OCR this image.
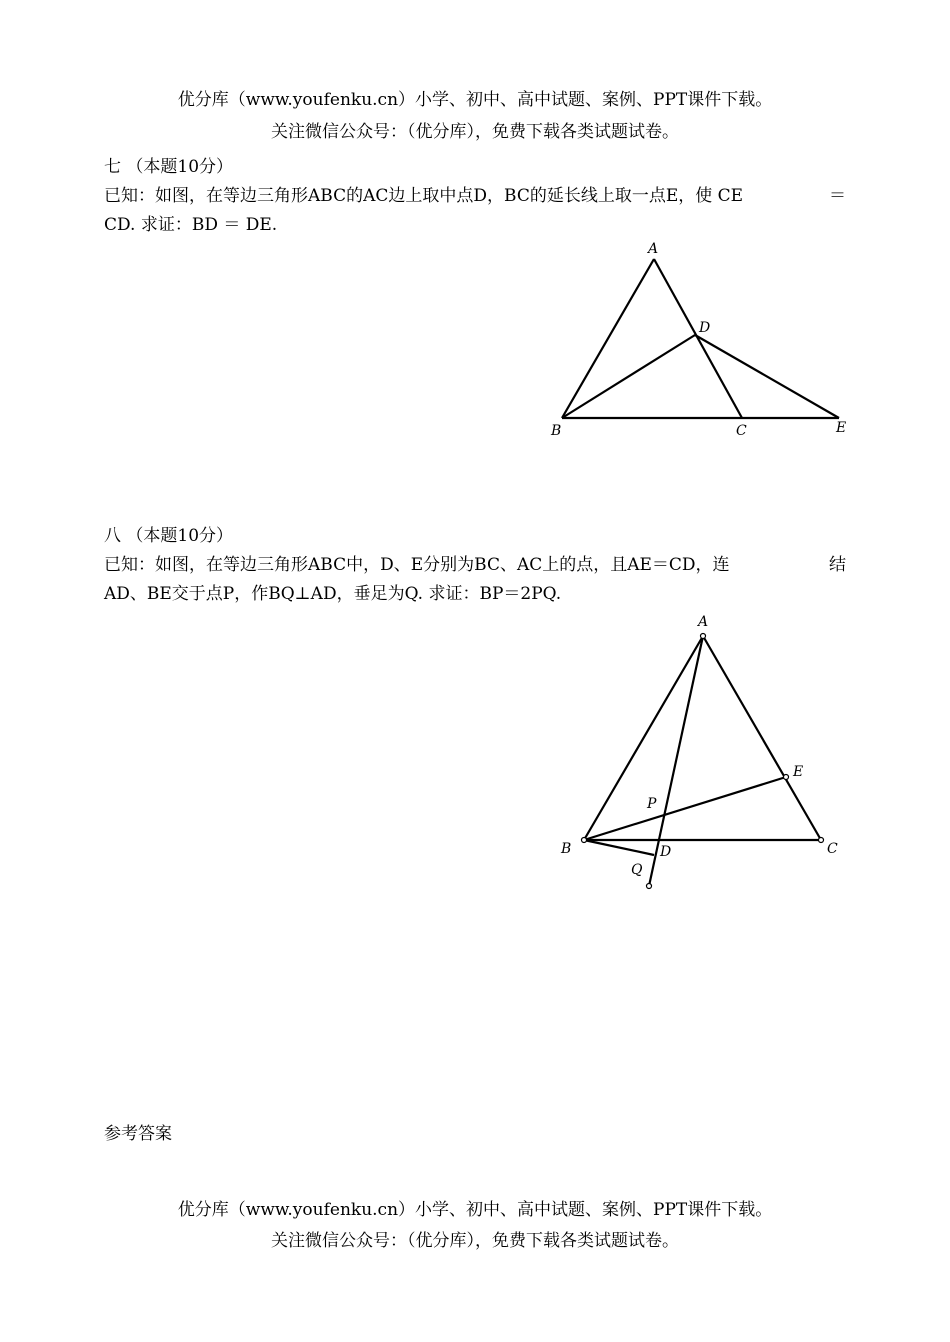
优分库（www.youfenku.cn）小学、初中、高中试题、案例、PPT课件下载。
关注微信公众号：（优分库），免费下载各类试题试卷。
七 （本题10分）
已知：如图，在等边三角形ABC的AC边上取中点D，BC的延长线上取一点E，使 CE	＝
CD. 求证：BD ＝ DE.
A
D
B	C	E
八 （本题10分）
已知：如图，在等边三角形ABC中，D、E分别为BC、AC上的点，且AE＝CD，连	结
AD、BE交于点P，作BQ⊥AD，垂足为Q. 求证：BP＝2PQ.
A
E
P
B	D	C
Q
参考答案
优分库（www.youfenku.cn）小学、初中、高中试题、案例、PPT课件下载。
关注微信公众号：（优分库），免费下载各类试题试卷。
